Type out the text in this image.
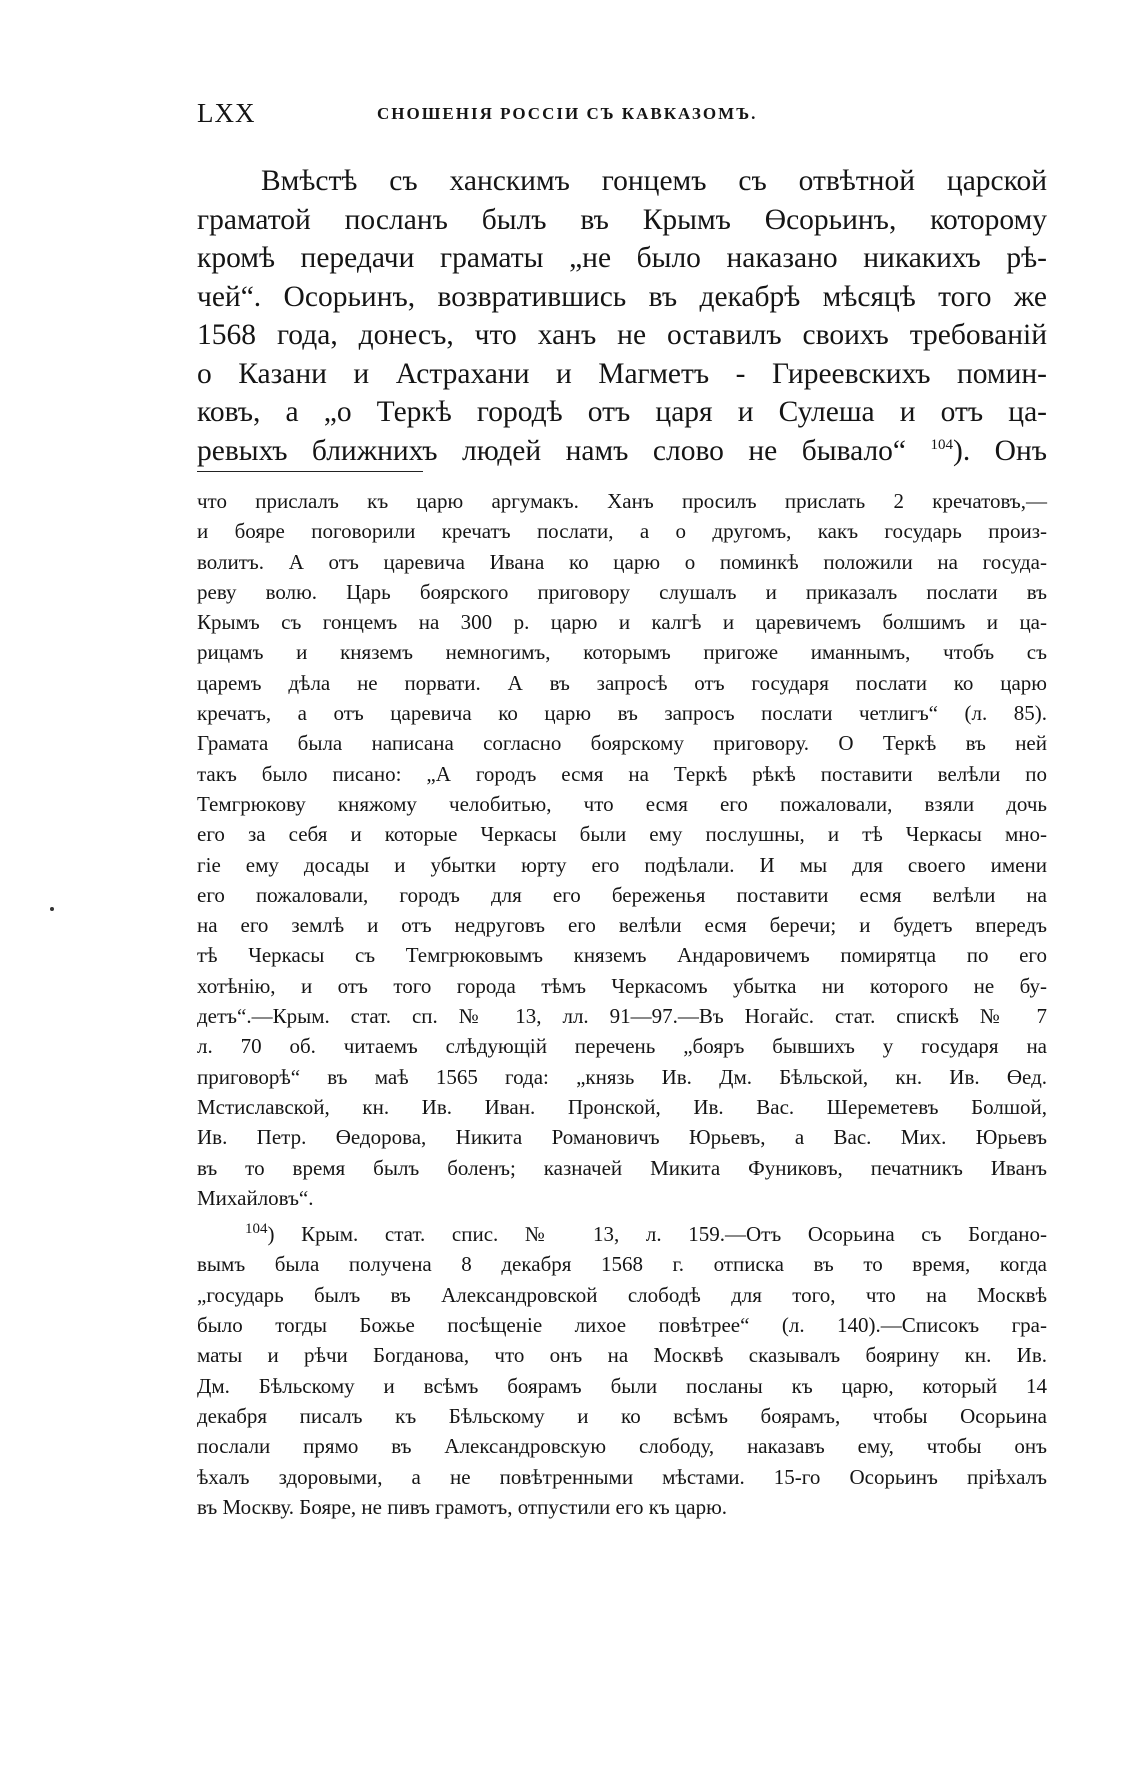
LXX	СНОШЕНІЯ РОССІИ СЪ КАВКАЗОМЪ.
Вмѣстѣ съ ханскимъ гонцемъ съ отвѣтной царской
граматой посланъ былъ въ Крымъ Өсорьинъ, которому
кромѣ передачи граматы „не было наказано никакихъ рѣ-
чей“. Осорьинъ, возвратившись въ декабрѣ мѣсяцѣ того же
1568 года, донесъ, что ханъ не оставилъ своихъ требованій
о Казани и Астрахани и Магметъ - Гиреевскихъ помин-
ковъ, а „о Теркѣ городѣ отъ царя и Сулеша и отъ ца-
ревыхъ ближнихъ людей намъ слово не бывало“ $^{104}$). Онъ
что прислалъ къ царю аргумакъ. Ханъ просилъ прислать 2 кречатовъ,—
и бояре поговорили кречатъ послати, а о другомъ, какъ государь произ-
волитъ. А отъ царевича Ивана ко царю о поминкѣ положили на госуда-
реву волю. Царь боярского приговору слушалъ и приказалъ послати въ
Крымъ съ гонцемъ на 300 р. царю и калгѣ и царевичемъ болшимъ и ца-
рицамъ и княземъ немногимъ, которымъ пригоже иманнымъ, чтобъ съ
царемъ дѣла не порвати. А въ запросѣ отъ государя послати ко царю
кречатъ, а отъ царевича ко царю въ запросъ послати четлигъ“ (л. 85).
Грамата была написана согласно боярскому приговору. О Теркѣ въ ней
такъ было писано: „А городъ есмя на Теркѣ рѣкѣ поставити велѣли по
Темгрюкову княжому челобитью, что есмя его пожаловали, взяли дочь
его за себя и которые Черкасы были ему послушны, и тѣ Черкасы мно-
гіе ему досады и убытки юрту его подѣлали. И мы для своего имени
его пожаловали, городъ для его береженья поставити есмя велѣли на
на его землѣ и отъ недруговъ его велѣли есмя беречи; и будетъ впередъ
тѣ Черкасы съ Темгрюковымъ княземъ Андаровичемъ помирятца по его
хотѣнію, и отъ того города тѣмъ Черкасомъ убытка ни которого не бу-
детъ“.—Крым. стат. сп. № 13, лл. 91—97.—Въ Ногайс. стат. спискѣ № 7
л. 70 об. читаемъ слѣдующій перечень „бояръ бывшихъ у государя на
приговорѣ“ въ маѣ 1565 года: „князь Ив. Дм. Бѣльской, кн. Ив. Өед.
Мстиславской, кн. Ив. Иван. Пронской, Ив. Вас. Шереметевъ Болшой,
Ив. Петр. Өедорова, Никита Романовичъ Юрьевъ, а Вас. Мих. Юрьевъ
въ то время былъ боленъ; казначей Микита Фуниковъ, печатникъ Иванъ
Михайловъ“.
$^{104}$) Крым. стат. спис. № 13, л. 159.—Отъ Осорьина съ Богдано-
вымъ была получена 8 декабря 1568 г. отписка въ то время, когда
„государь былъ въ Александровской слободѣ для того, что на Москвѣ
было тогды Божье посѣщеніе лихое повѣтрее“ (л. 140).—Списокъ гра-
маты и рѣчи Богданова, что онъ на Москвѣ сказывалъ боярину кн. Ив.
Дм. Бѣльскому и всѣмъ боярамъ были посланы къ царю, который 14
декабря писалъ къ Бѣльскому и ко всѣмъ боярамъ, чтобы Осорьина
послали прямо въ Александровскую слободу, наказавъ ему, чтобы онъ
ѣхалъ здоровыми, а не повѣтренными мѣстами. 15-го Осорьинъ пріѣхалъ
въ Москву. Бояре, не пивъ грамотъ, отпустили его къ царю.
